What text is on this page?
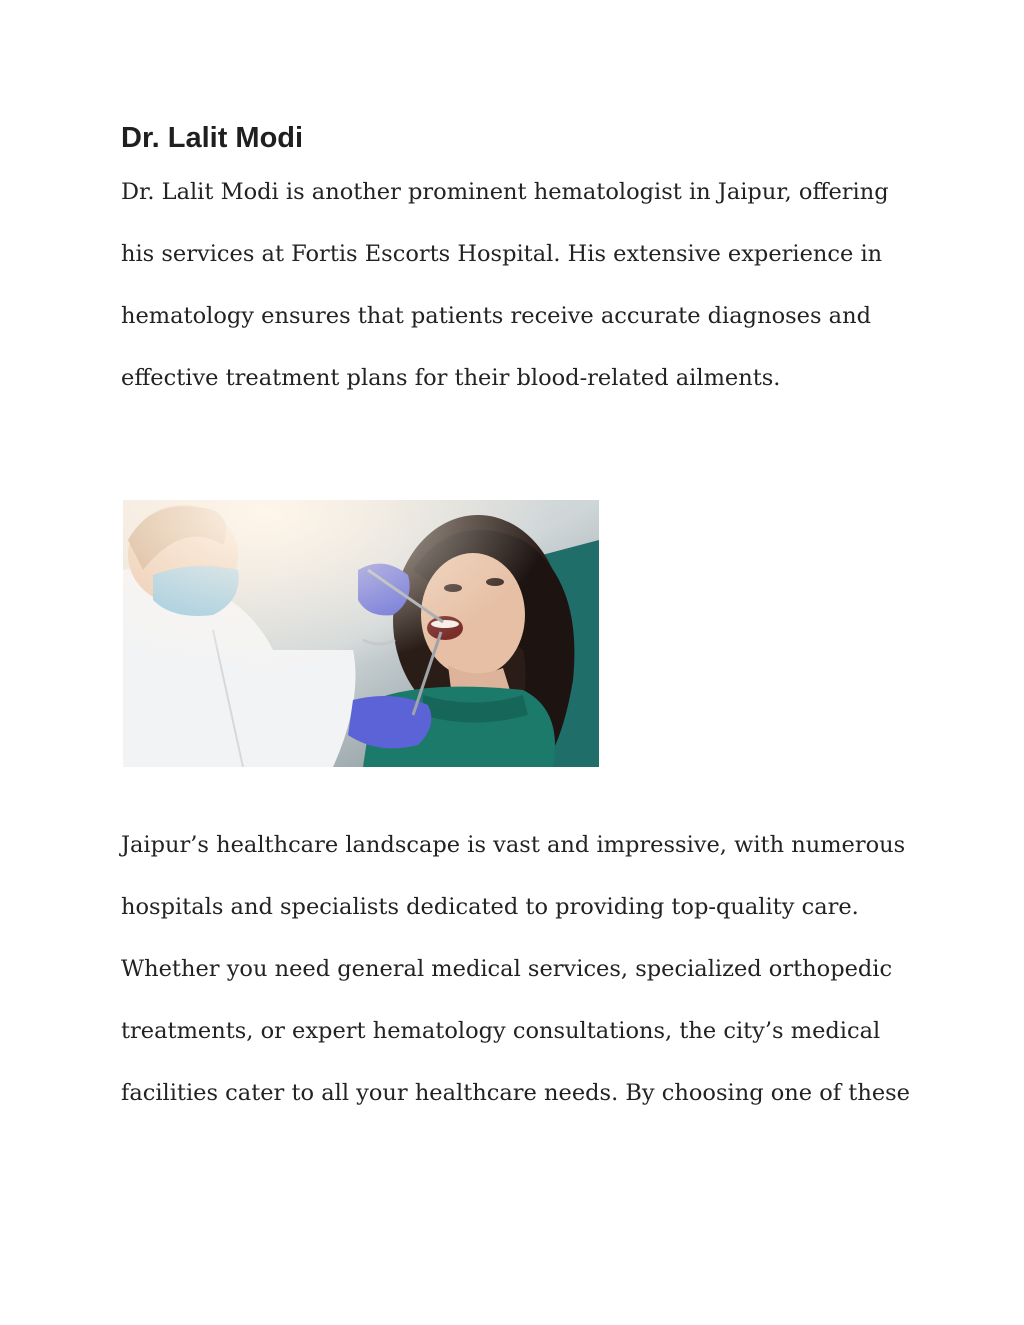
Dr. Lalit Modi

Dr. Lalit Modi is another prominent hematologist in Jaipur, offering
his services at Fortis Escorts Hospital. His extensive experience in
hematology ensures that patients receive accurate diagnoses and
effective treatment plans for their blood-related ailments.

Jaipur’s healthcare landscape is vast and impressive, with numerous
hospitals and specialists dedicated to providing top-quality care.
Whether you need general medical services, specialized orthopedic
treatments, or expert hematology consultations, the city’s medical
facilities cater to all your healthcare needs. By choosing one of these
